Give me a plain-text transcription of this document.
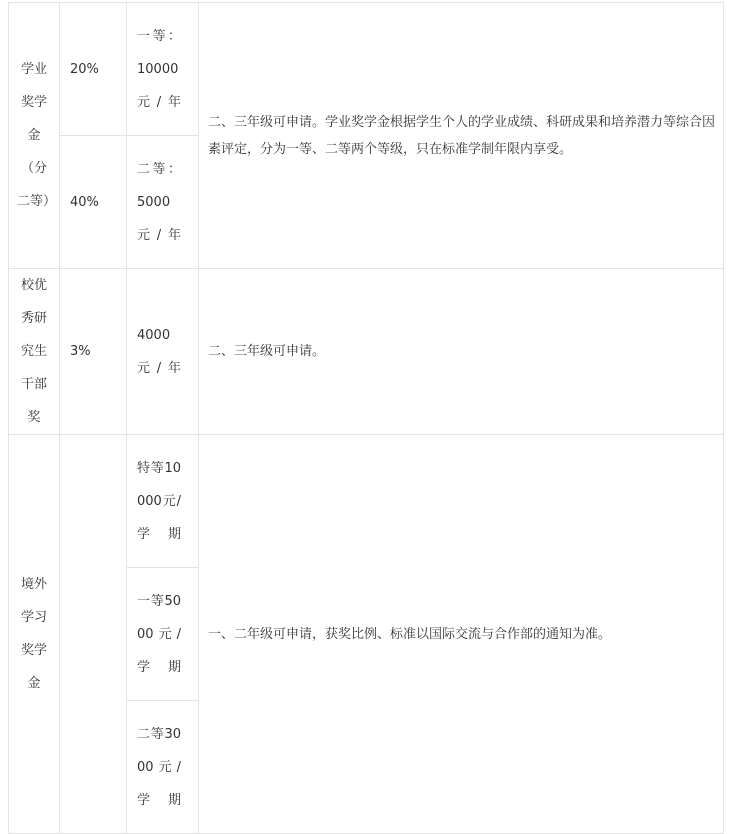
学业奖学金（分二等）	20%	一等：10000元/年	二、三年级可申请。学业奖学金根据学生个人的学业成绩、科研成果和培养潜力等综合因素评定，分为一等、二等两个等级，只在标准学制年限内享受。
	40%	二等：5000元/年	

校优秀研究生干部奖	3%	4000元/年	二、三年级可申请。
境外学习奖学金		特等10000元/学期	一、二年级可申请，获奖比例、标准以国际交流与合作部的通知为准。

		一等5000元/学期	

		二等3000元/学期	
